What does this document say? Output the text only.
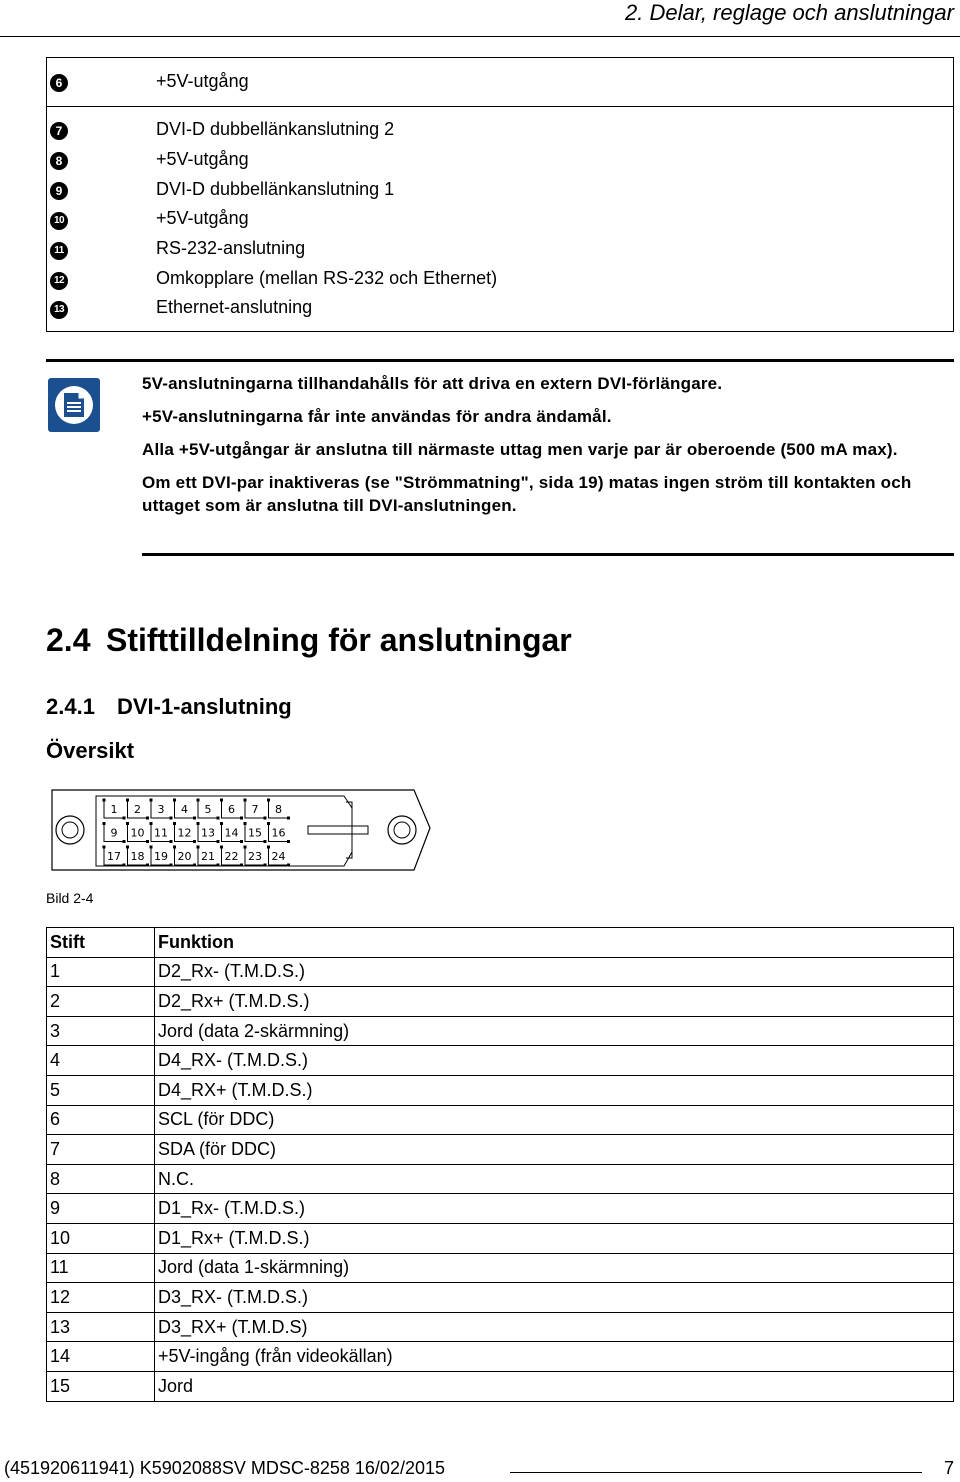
2. Delar, reglage och anslutningar
6	+5V-utgång
7	DVI-D dubbellänkanslutning 2
8	+5V-utgång
9	DVI-D dubbellänkanslutning 1
10	+5V-utgång
11	RS-232-anslutning
12	Omkopplare (mellan RS-232 och Ethernet)
13	Ethernet-anslutning

5V-anslutningarna tillhandahålls för att driva en extern DVI-förlängare.

+5V-anslutningarna får inte användas för andra ändamål.

Alla +5V-utgångar är anslutna till närmaste uttag men varje par är oberoende (500 mA max).

Om ett DVI-par inaktiveras (se "Strömmatning", sida 19) matas ingen ström till kontakten och uttaget som är anslutna till DVI-anslutningen.

2.4 Stifttilldelning för anslutningar
2.4.1 DVI-1-anslutning
Översikt
1 2 3 4 5 6 7 8
9 10 11 12 13 14 15 16
17 18 19 20 21 22 23 24
Bild 2-4
Stift	Funktion
1	D2_Rx- (T.M.D.S.)
2	D2_Rx+ (T.M.D.S.)
3	Jord (data 2-skärmning)
4	D4_RX- (T.M.D.S.)
5	D4_RX+ (T.M.D.S.)
6	SCL (för DDC)
7	SDA (för DDC)
8	N.C.
9	D1_Rx- (T.M.D.S.)
10	D1_Rx+ (T.M.D.S.)
11	Jord (data 1-skärmning)
12	D3_RX- (T.M.D.S.)
13	D3_RX+ (T.M.D.S)
14	+5V-ingång (från videokällan)
15	Jord
(451920611941) K5902088SV MDSC-8258 16/02/2015	7
